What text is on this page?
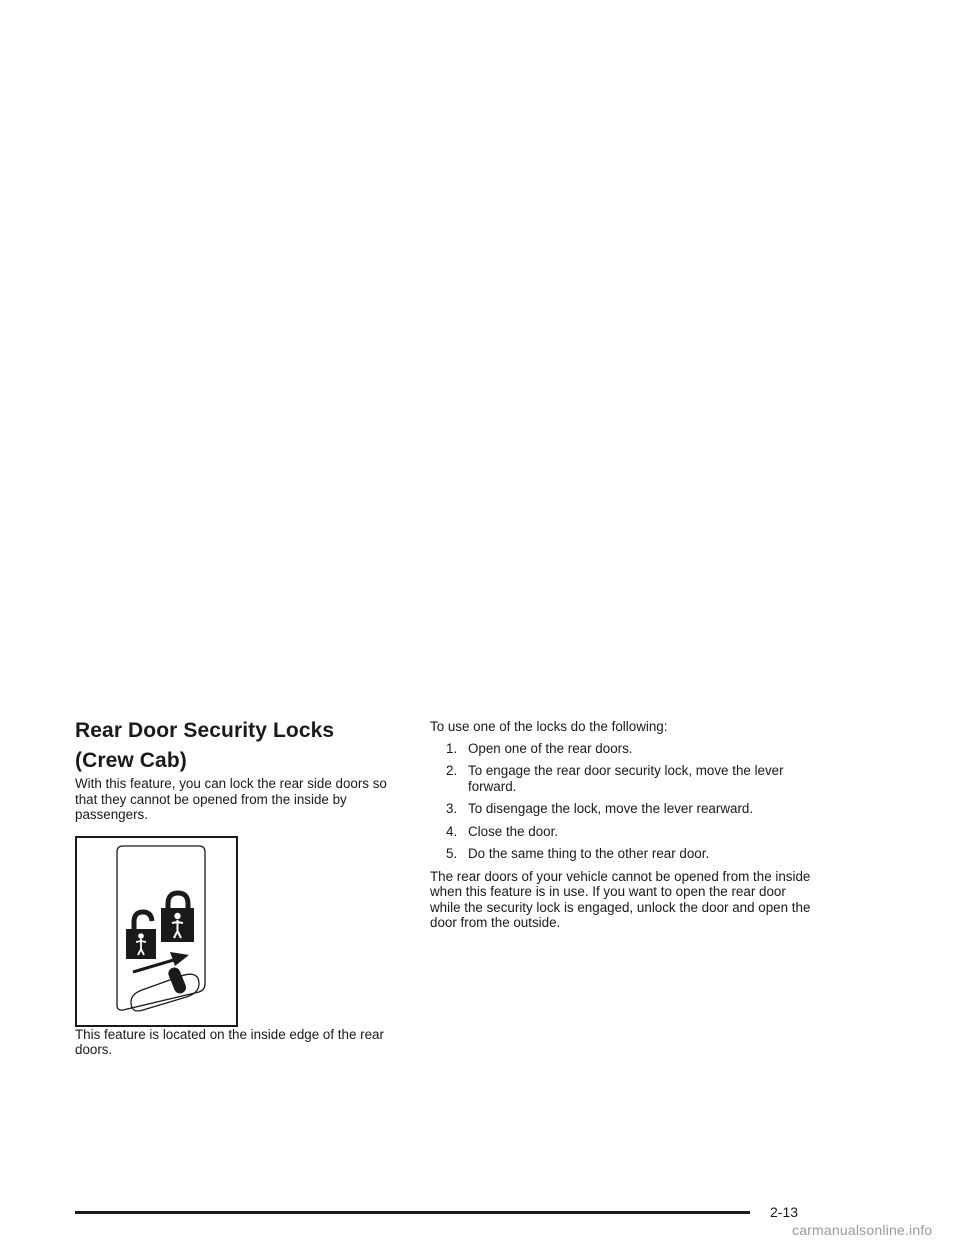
Rear Door Security Locks
(Crew Cab)

With this feature, you can lock the rear side doors so that they cannot be opened from the inside by passengers.

This feature is located on the inside edge of the rear doors.

To use one of the locks do the following:

1. Open one of the rear doors.
2. To engage the rear door security lock, move the lever forward.
3. To disengage the lock, move the lever rearward.
4. Close the door.
5. Do the same thing to the other rear door.

The rear doors of your vehicle cannot be opened from the inside when this feature is in use. If you want to open the rear door while the security lock is engaged, unlock the door and open the door from the outside.

2-13
carmanualsonline.info
